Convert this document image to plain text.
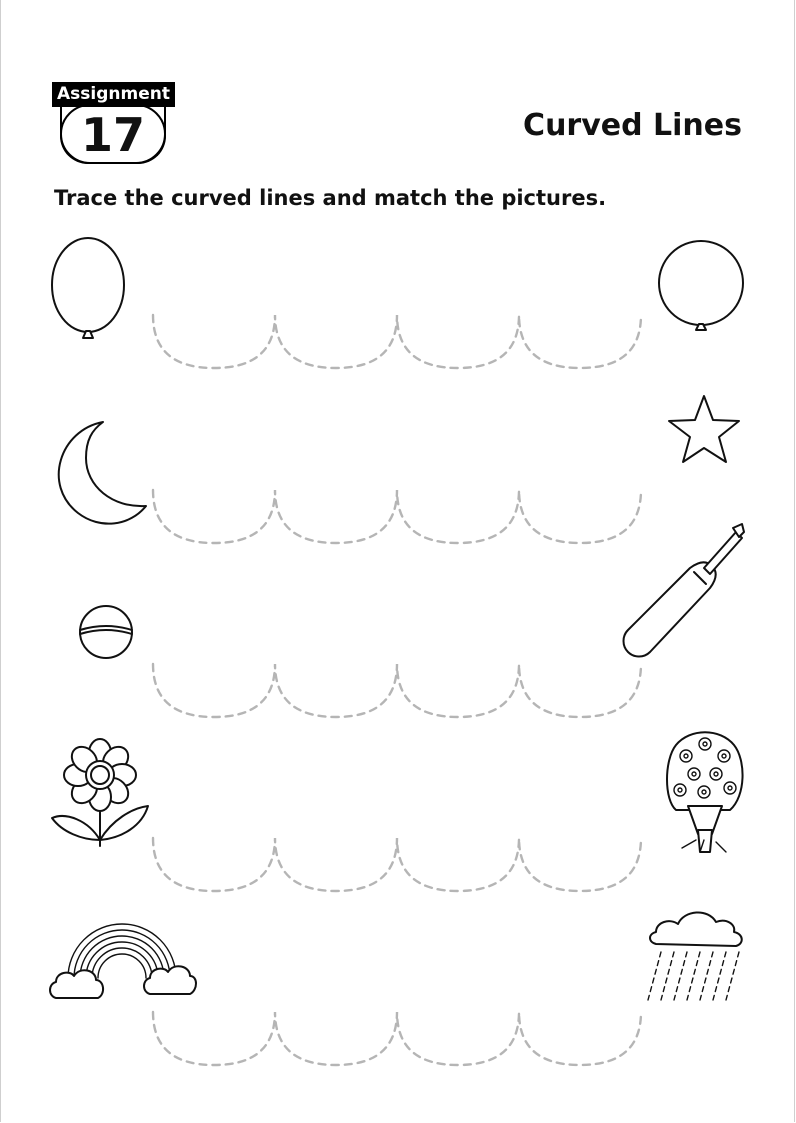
Assignment
17	Curved Lines
Trace the curved lines and match the pictures.
